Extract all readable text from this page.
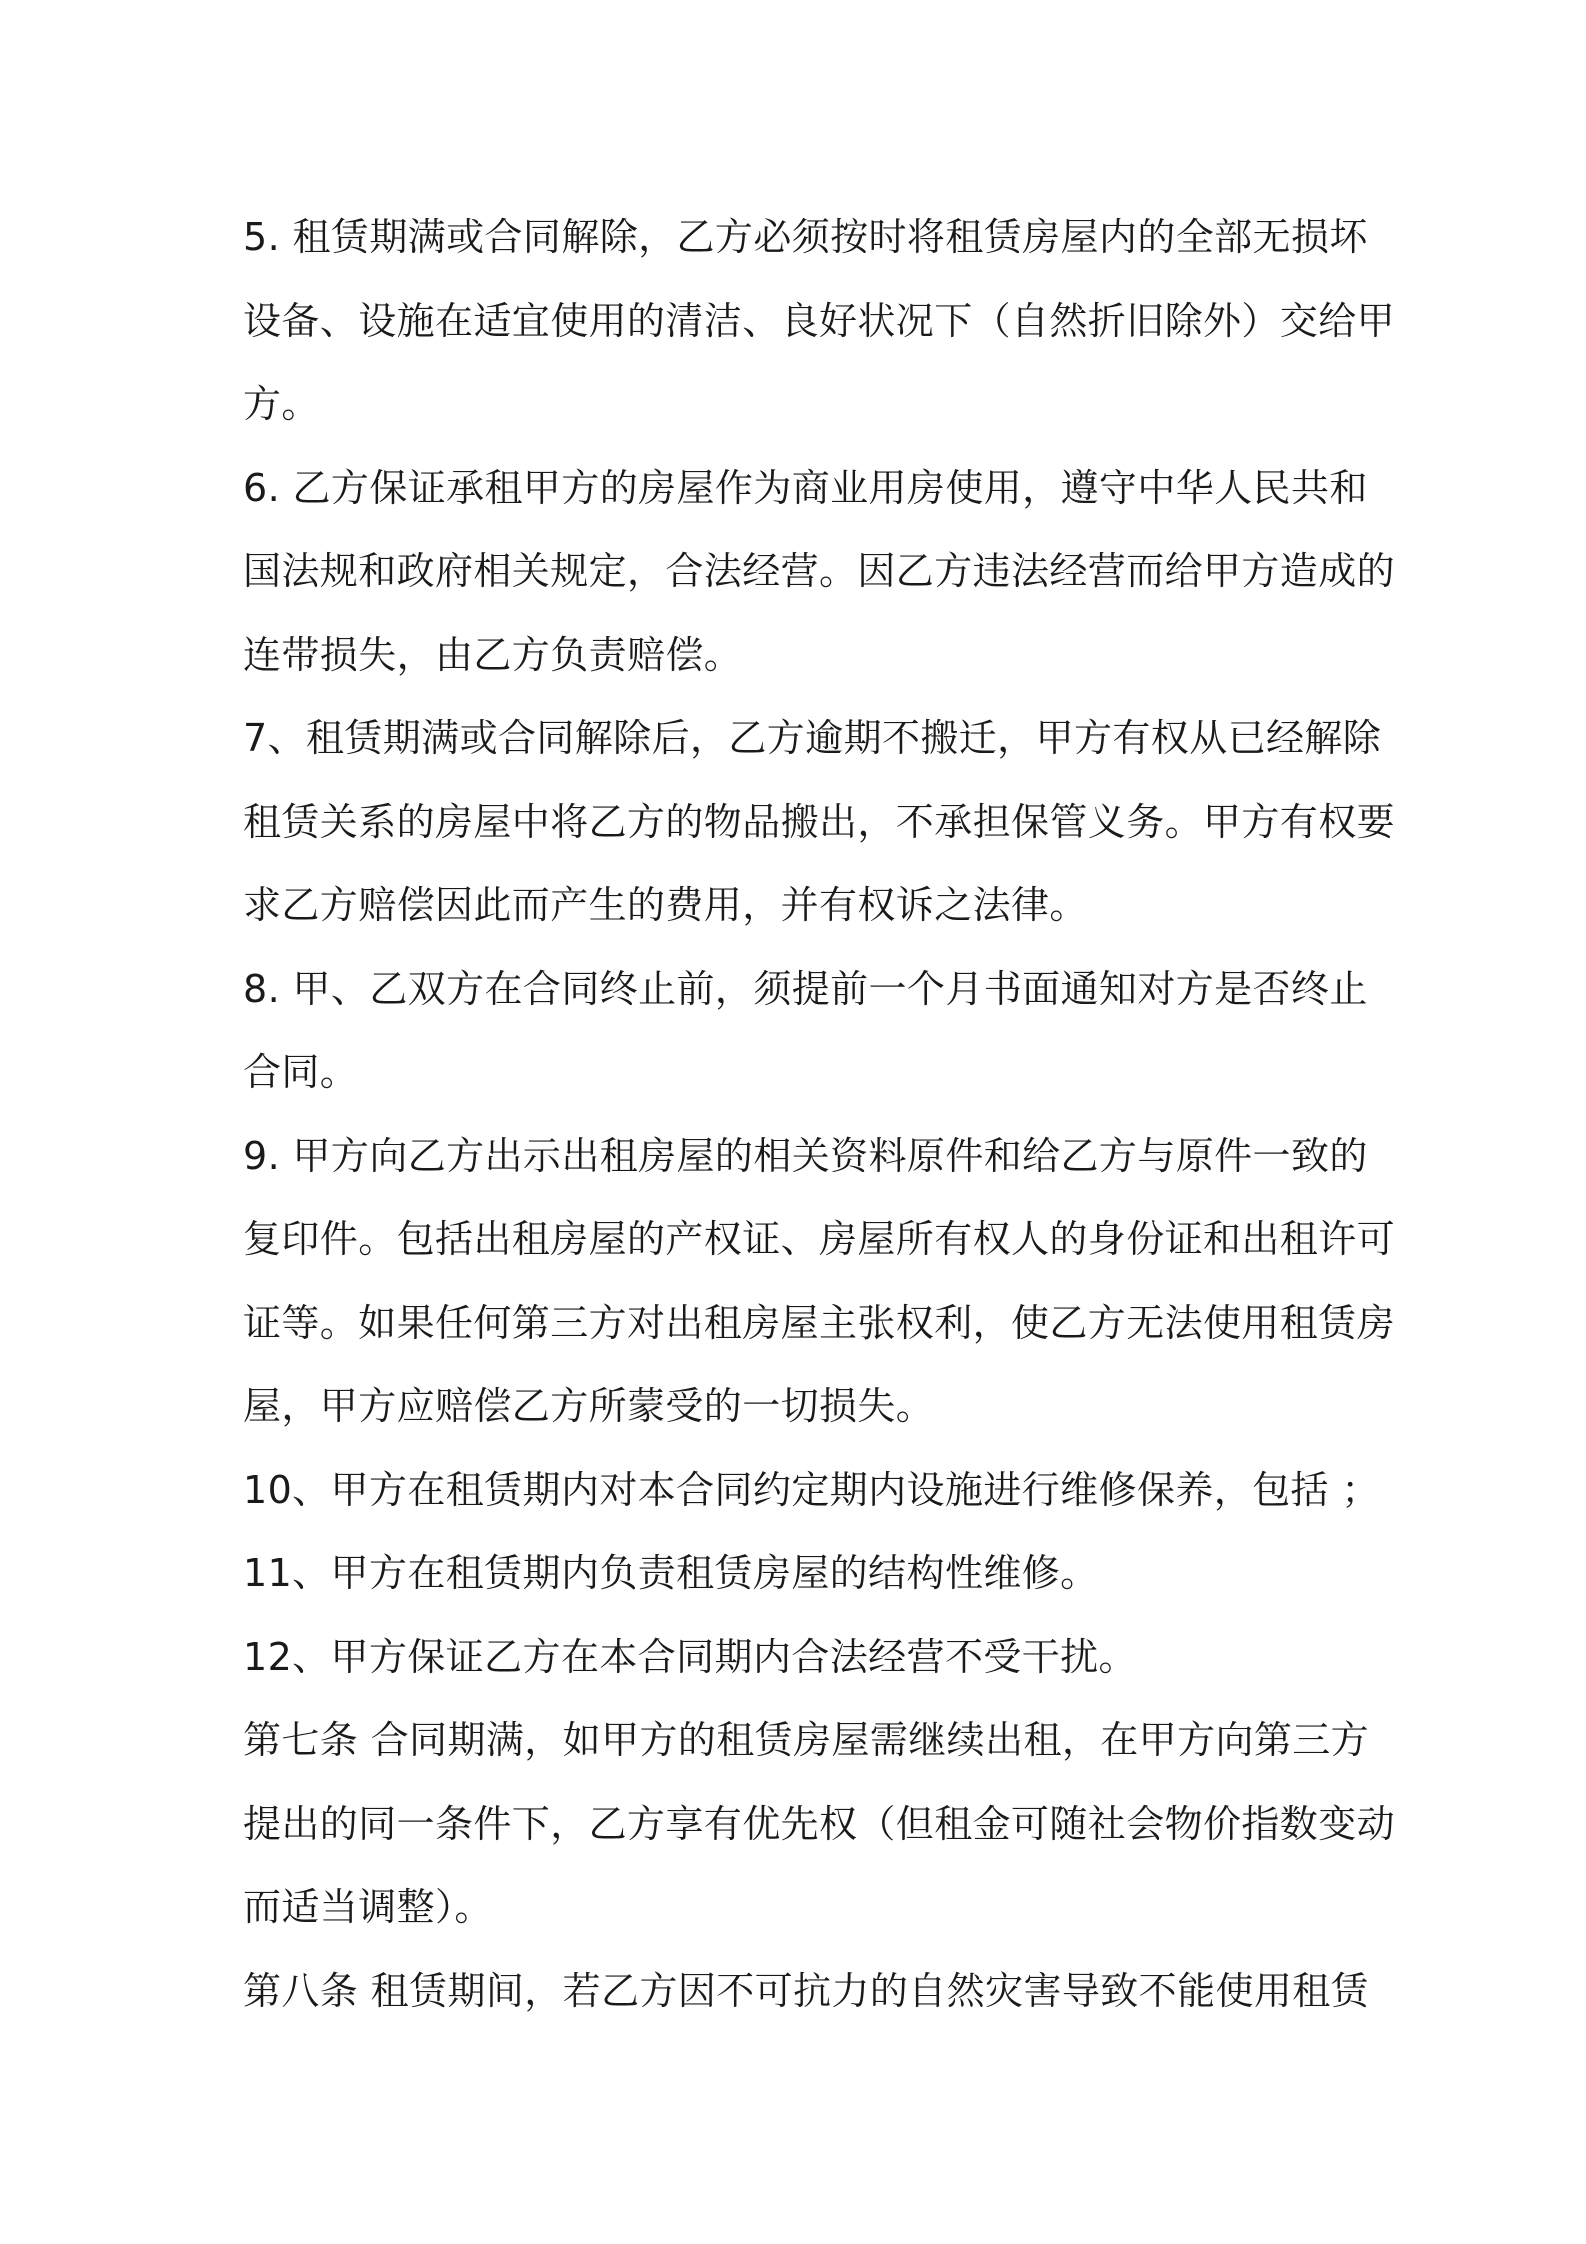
5. 租赁期满或合同解除，乙方必须按时将租赁房屋内的全部无损坏
设备、设施在适宜使用的清洁、良好状况下（自然折旧除外）交给甲
方。
6. 乙方保证承租甲方的房屋作为商业用房使用，遵守中华人民共和
国法规和政府相关规定，合法经营。因乙方违法经营而给甲方造成的
连带损失，由乙方负责赔偿。
7、租赁期满或合同解除后，乙方逾期不搬迁，甲方有权从已经解除
租赁关系的房屋中将乙方的物品搬出，不承担保管义务。甲方有权要
求乙方赔偿因此而产生的费用，并有权诉之法律。
8. 甲、乙双方在合同终止前，须提前一个月书面通知对方是否终止
合同。
9. 甲方向乙方出示出租房屋的相关资料原件和给乙方与原件一致的
复印件。包括出租房屋的产权证、房屋所有权人的身份证和出租许可
证等。如果任何第三方对出租房屋主张权利，使乙方无法使用租赁房
屋，甲方应赔偿乙方所蒙受的一切损失。
10、甲方在租赁期内对本合同约定期内设施进行维修保养，包括 ；
11、甲方在租赁期内负责租赁房屋的结构性维修。
12、甲方保证乙方在本合同期内合法经营不受干扰。
第七条 合同期满，如甲方的租赁房屋需继续出租，在甲方向第三方
提出的同一条件下，乙方享有优先权（但租金可随社会物价指数变动
而适当调整）。
第八条 租赁期间，若乙方因不可抗力的自然灾害导致不能使用租赁
